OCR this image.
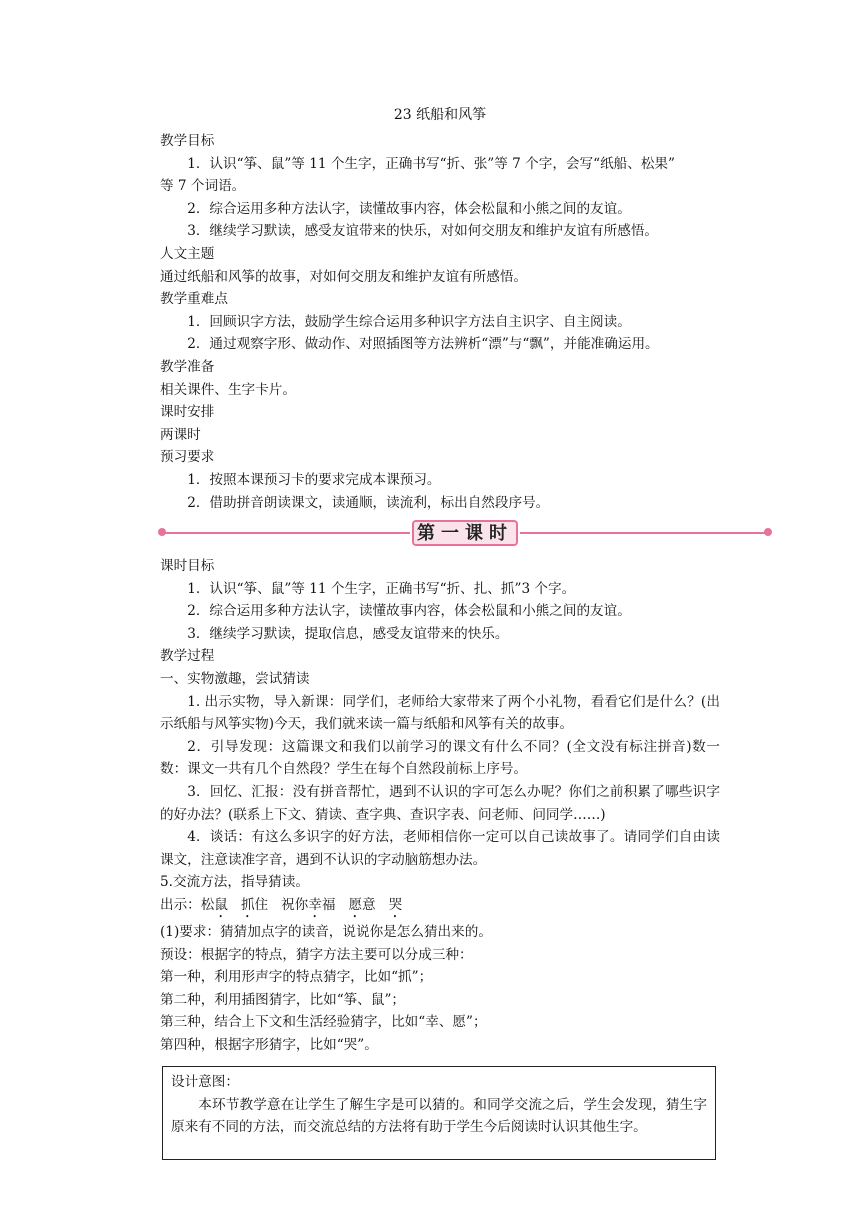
23 纸船和风筝
教学目标
1．认识“筝、鼠”等 11 个生字，正确书写“折、张”等 7 个字，会写“纸船、松果”
等 7 个词语。
2．综合运用多种方法认字，读懂故事内容，体会松鼠和小熊之间的友谊。
3．继续学习默读，感受友谊带来的快乐，对如何交朋友和维护友谊有所感悟。
人文主题
通过纸船和风筝的故事，对如何交朋友和维护友谊有所感悟。
教学重难点
1．回顾识字方法，鼓励学生综合运用多种识字方法自主识字、自主阅读。
2．通过观察字形、做动作、对照插图等方法辨析“漂”与“飘”，并能准确运用。
教学准备
相关课件、生字卡片。
课时安排
两课时
预习要求
1．按照本课预习卡的要求完成本课预习。
2．借助拼音朗读课文，读通顺，读流利，标出自然段序号。
第一课时
课时目标
1．认识“筝、鼠”等 11 个生字，正确书写“折、扎、抓”3 个字。
2．综合运用多种方法认字，读懂故事内容，体会松鼠和小熊之间的友谊。
3．继续学习默读，提取信息，感受友谊带来的快乐。
教学过程
一、实物激趣，尝试猜读
1. 出示实物，导入新课：同学们，老师给大家带来了两个小礼物，看看它们是什么？(出示纸船与风筝实物)今天，我们就来读一篇与纸船和风筝有关的故事。
2．引导发现：这篇课文和我们以前学习的课文有什么不同？(全文没有标注拼音)数一数：课文一共有几个自然段？学生在每个自然段前标上序号。
3．回忆、汇报：没有拼音帮忙，遇到不认识的字可怎么办呢？你们之前积累了哪些识字的好办法？(联系上下文、猜读、查字典、查识字表、问老师、问同学……)
4．谈话：有这么多识字的好方法，老师相信你一定可以自己读故事了。请同学们自由读课文，注意读准字音，遇到不认识的字动脑筋想办法。
5.交流方法，指导猜读。
出示：松鼠 抓住 祝你幸福 愿意 哭
(1)要求：猜猜加点字的读音，说说你是怎么猜出来的。
预设：根据字的特点，猜字方法主要可以分成三种：
第一种，利用形声字的特点猜字，比如“抓”；
第二种，利用插图猜字，比如“筝、鼠”；
第三种，结合上下文和生活经验猜字，比如“幸、愿”；
第四种，根据字形猜字，比如“哭”。
设计意图：
本环节教学意在让学生了解生字是可以猜的。和同学交流之后，学生会发现，猜生字原来有不同的方法，而交流总结的方法将有助于学生今后阅读时认识其他生字。
